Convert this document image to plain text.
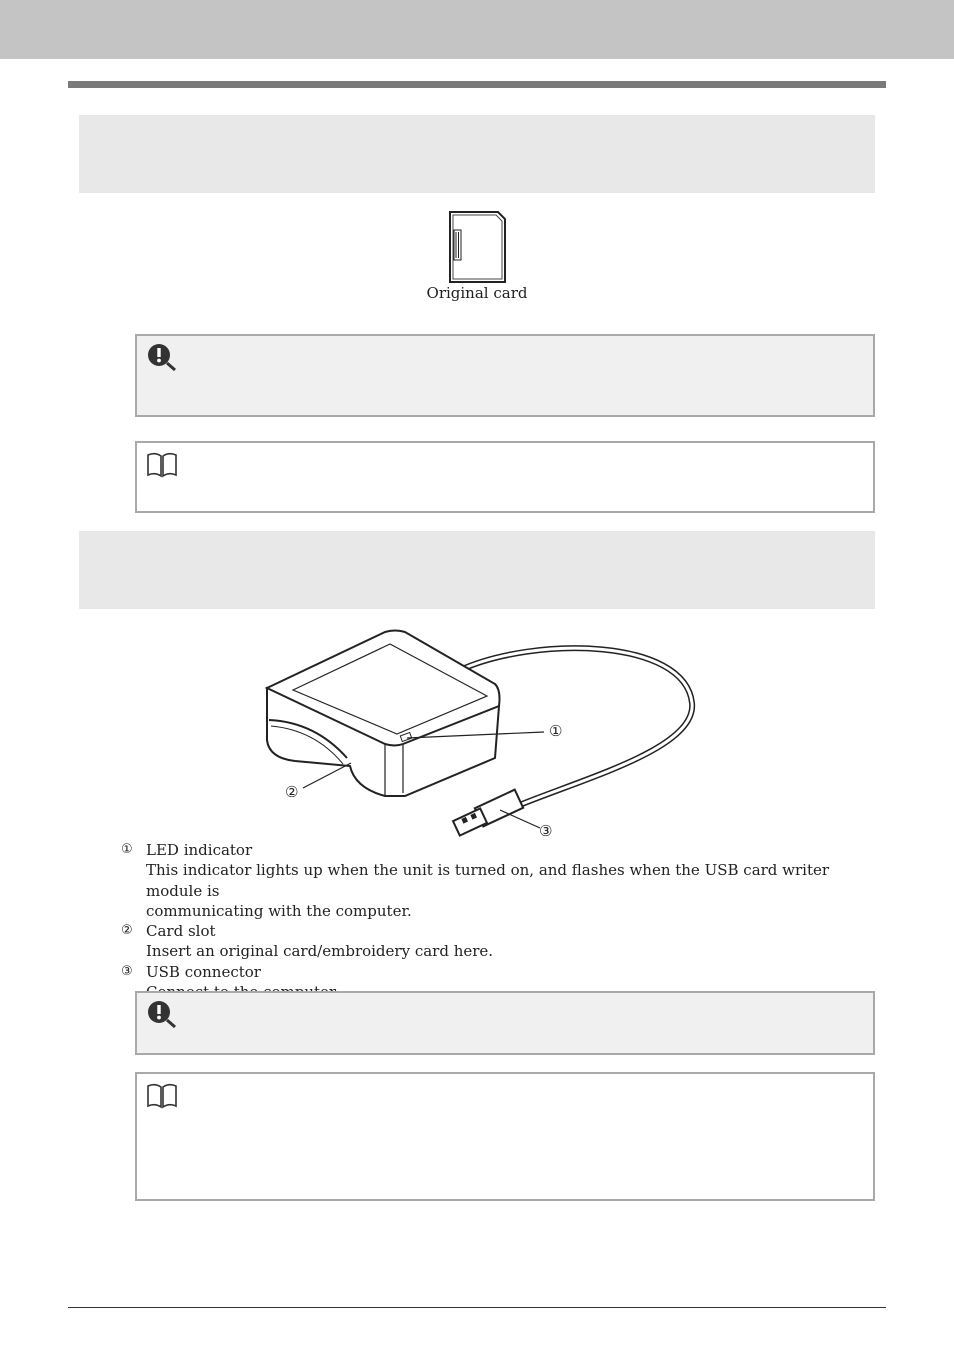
Original card
①
②
③
① LED indicator
This indicator lights up when the unit is turned on, and flashes when the USB card writer module is
communicating with the computer.
② Card slot
Insert an original card/embroidery card here.
③ USB connector
